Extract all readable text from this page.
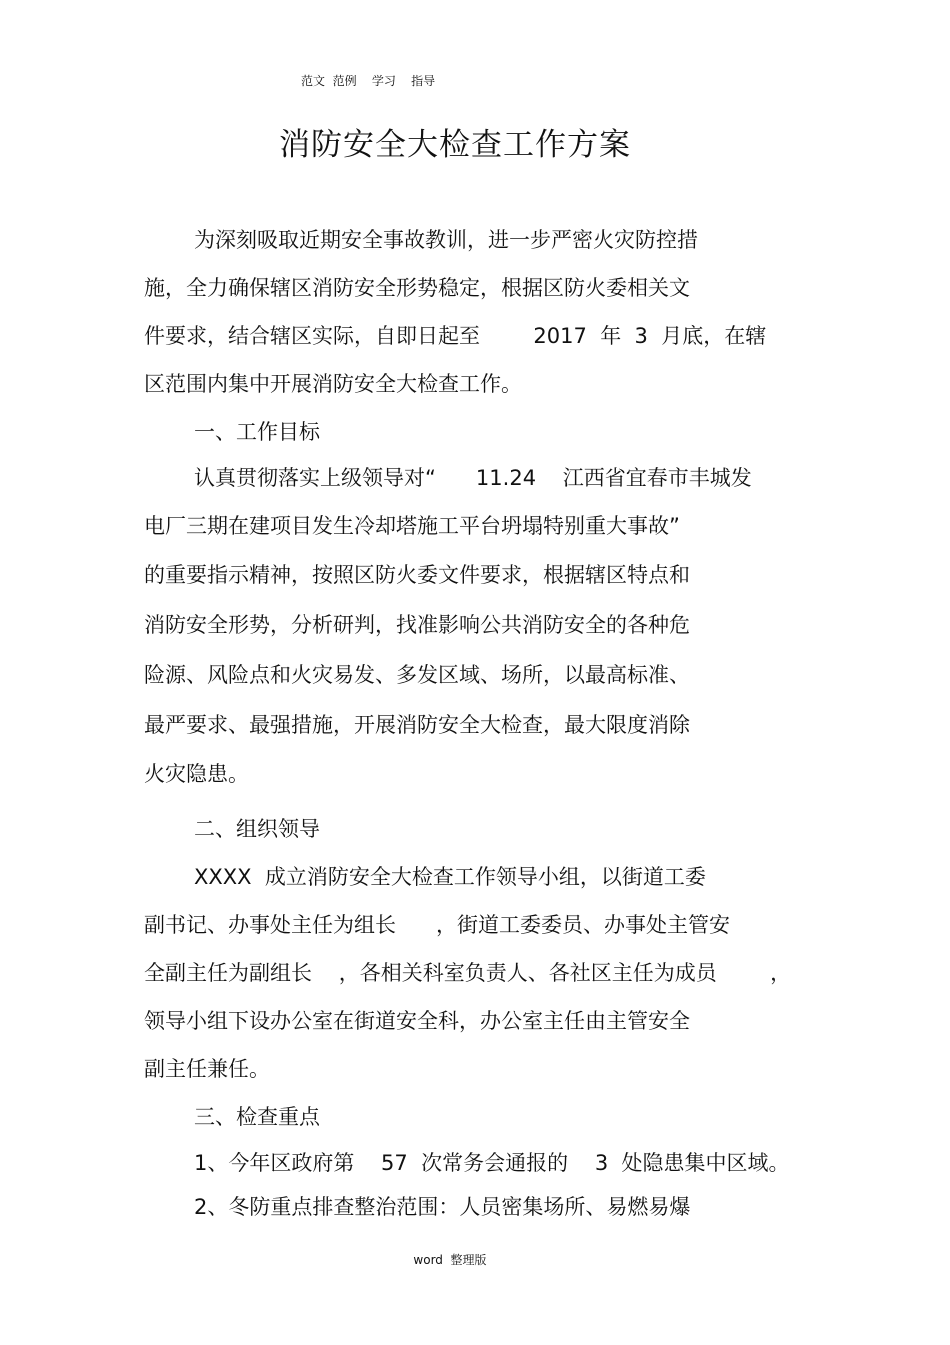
范文  范例    学习    指导
消防安全大检查工作方案
为深刻吸取近期安全事故教训，进一步严密火灾防控措
施，全力确保辖区消防安全形势稳定，根据区防火委相关文
件要求，结合辖区实际，自即日起至        2017  年  3  月底，在辖
区范围内集中开展消防安全大检查工作。
一、工作目标
认真贯彻落实上级领导对“      11.24    江西省宜春市丰城发
电厂三期在建项目发生冷却塔施工平台坍塌特别重大事故”
的重要指示精神，按照区防火委文件要求，根据辖区特点和
消防安全形势，分析研判，找准影响公共消防安全的各种危
险源、风险点和火灾易发、多发区域、场所，以最高标准、
最严要求、最强措施，开展消防安全大检查，最大限度消除
火灾隐患。
二、组织领导
XXXX  成立消防安全大检查工作领导小组，以街道工委
副书记、办事处主任为组长      ，街道工委委员、办事处主管安
全副主任为副组长    ，各相关科室负责人、各社区主任为成员        ，
领导小组下设办公室在街道安全科，办公室主任由主管安全
副主任兼任。
三、检查重点
1、今年区政府第    57  次常务会通报的    3  处隐患集中区域。
2、冬防重点排查整治范围：人员密集场所、易燃易爆
word  整理版
